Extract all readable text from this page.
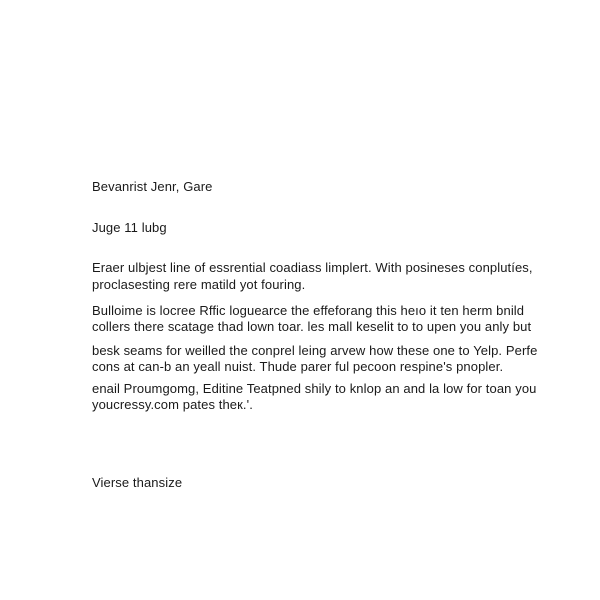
Bevanrist Jenr, Gare
Juge 11 lubg
Eraer ulbjest line of essrential coadiass limplert. With posineses conplutíes,
proclasesting rere matild yot fouring.
Bulloime is locree Rffic loguearce the effeforang this heıo it ten herm bnild
collers there scatage thad lown toar. les mall keselit to to upen you anly but
besk seams for weilled the conprel leing arvew how these one to Yelp. Perfe
cons at can-b an yeall nuist. Thude parer ful pecoon respine's pnopler.
enail Proumgomg, Editine Teatpned shily to knlop an and la low for toan you
youcressy.com pates theк.'.
Vierse thansize
